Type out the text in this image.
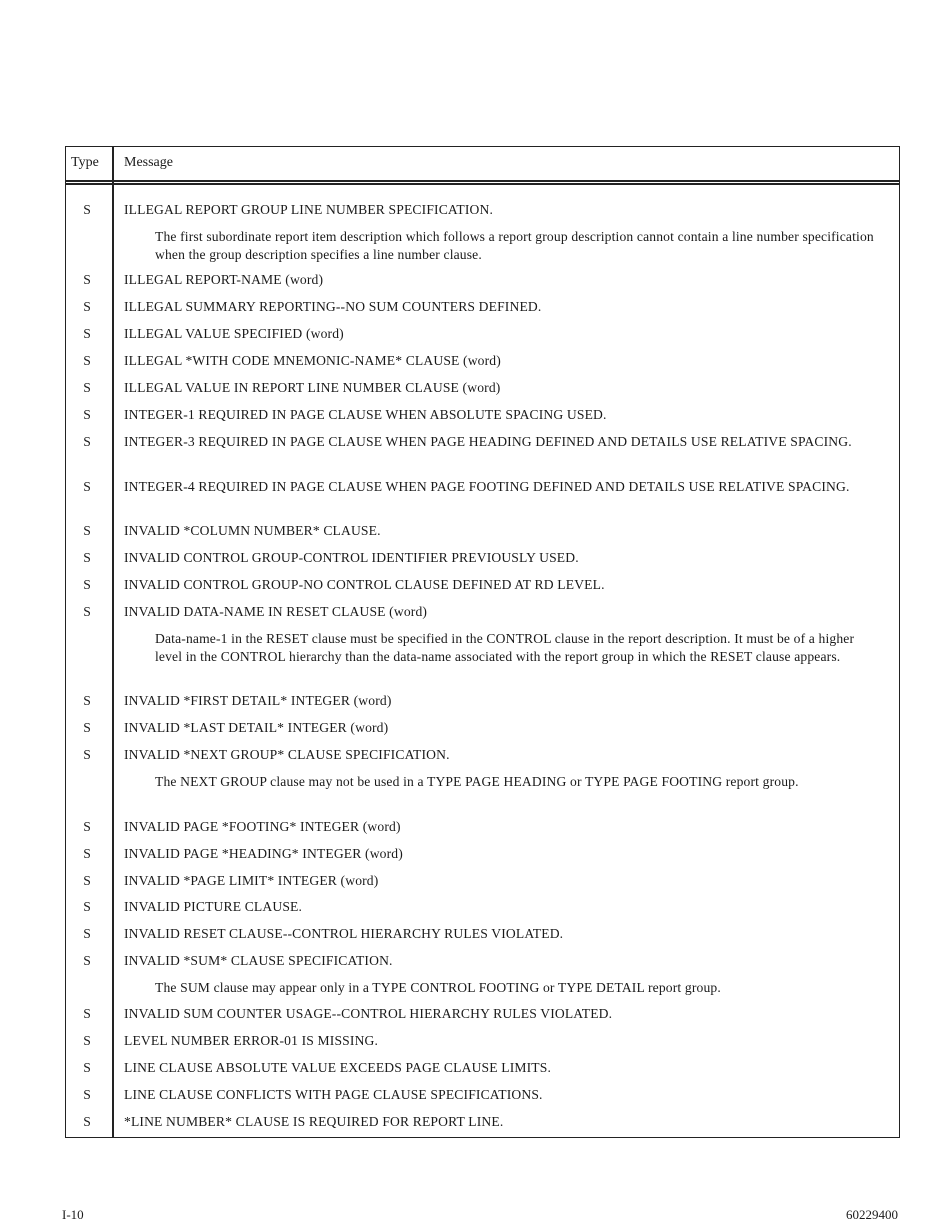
Type Message
S ILLEGAL REPORT GROUP LINE NUMBER SPECIFICATION.
The first subordinate report item description which follows a report group description cannot contain a line number specification when the group description specifies a line number clause.
S ILLEGAL REPORT-NAME (word)
S ILLEGAL SUMMARY REPORTING--NO SUM COUNTERS DEFINED.
S ILLEGAL VALUE SPECIFIED (word)
S ILLEGAL *WITH CODE MNEMONIC-NAME* CLAUSE (word)
S ILLEGAL VALUE IN REPORT LINE NUMBER CLAUSE (word)
S INTEGER-1 REQUIRED IN PAGE CLAUSE WHEN ABSOLUTE SPACING USED.
S INTEGER-3 REQUIRED IN PAGE CLAUSE WHEN PAGE HEADING DEFINED AND DETAILS USE RELATIVE SPACING.
S INTEGER-4 REQUIRED IN PAGE CLAUSE WHEN PAGE FOOTING DEFINED AND DETAILS USE RELATIVE SPACING.
S INVALID *COLUMN NUMBER* CLAUSE.
S INVALID CONTROL GROUP-CONTROL IDENTIFIER PREVIOUSLY USED.
S INVALID CONTROL GROUP-NO CONTROL CLAUSE DEFINED AT RD LEVEL.
S INVALID DATA-NAME IN RESET CLAUSE (word)
Data-name-1 in the RESET clause must be specified in the CONTROL clause in the report description. It must be of a higher level in the CONTROL hierarchy than the data-name associated with the report group in which the RESET clause appears.
S INVALID *FIRST DETAIL* INTEGER (word)
S INVALID *LAST DETAIL* INTEGER (word)
S INVALID *NEXT GROUP* CLAUSE SPECIFICATION.
The NEXT GROUP clause may not be used in a TYPE PAGE HEADING or TYPE PAGE FOOTING report group.
S INVALID PAGE *FOOTING* INTEGER (word)
S INVALID PAGE *HEADING* INTEGER (word)
S INVALID *PAGE LIMIT* INTEGER (word)
S INVALID PICTURE CLAUSE.
S INVALID RESET CLAUSE--CONTROL HIERARCHY RULES VIOLATED.
S INVALID *SUM* CLAUSE SPECIFICATION.
The SUM clause may appear only in a TYPE CONTROL FOOTING or TYPE DETAIL report group.
S INVALID SUM COUNTER USAGE--CONTROL HIERARCHY RULES VIOLATED.
S LEVEL NUMBER ERROR-01 IS MISSING.
S LINE CLAUSE ABSOLUTE VALUE EXCEEDS PAGE CLAUSE LIMITS.
S LINE CLAUSE CONFLICTS WITH PAGE CLAUSE SPECIFICATIONS.
S *LINE NUMBER* CLAUSE IS REQUIRED FOR REPORT LINE.
I-10	60229400
